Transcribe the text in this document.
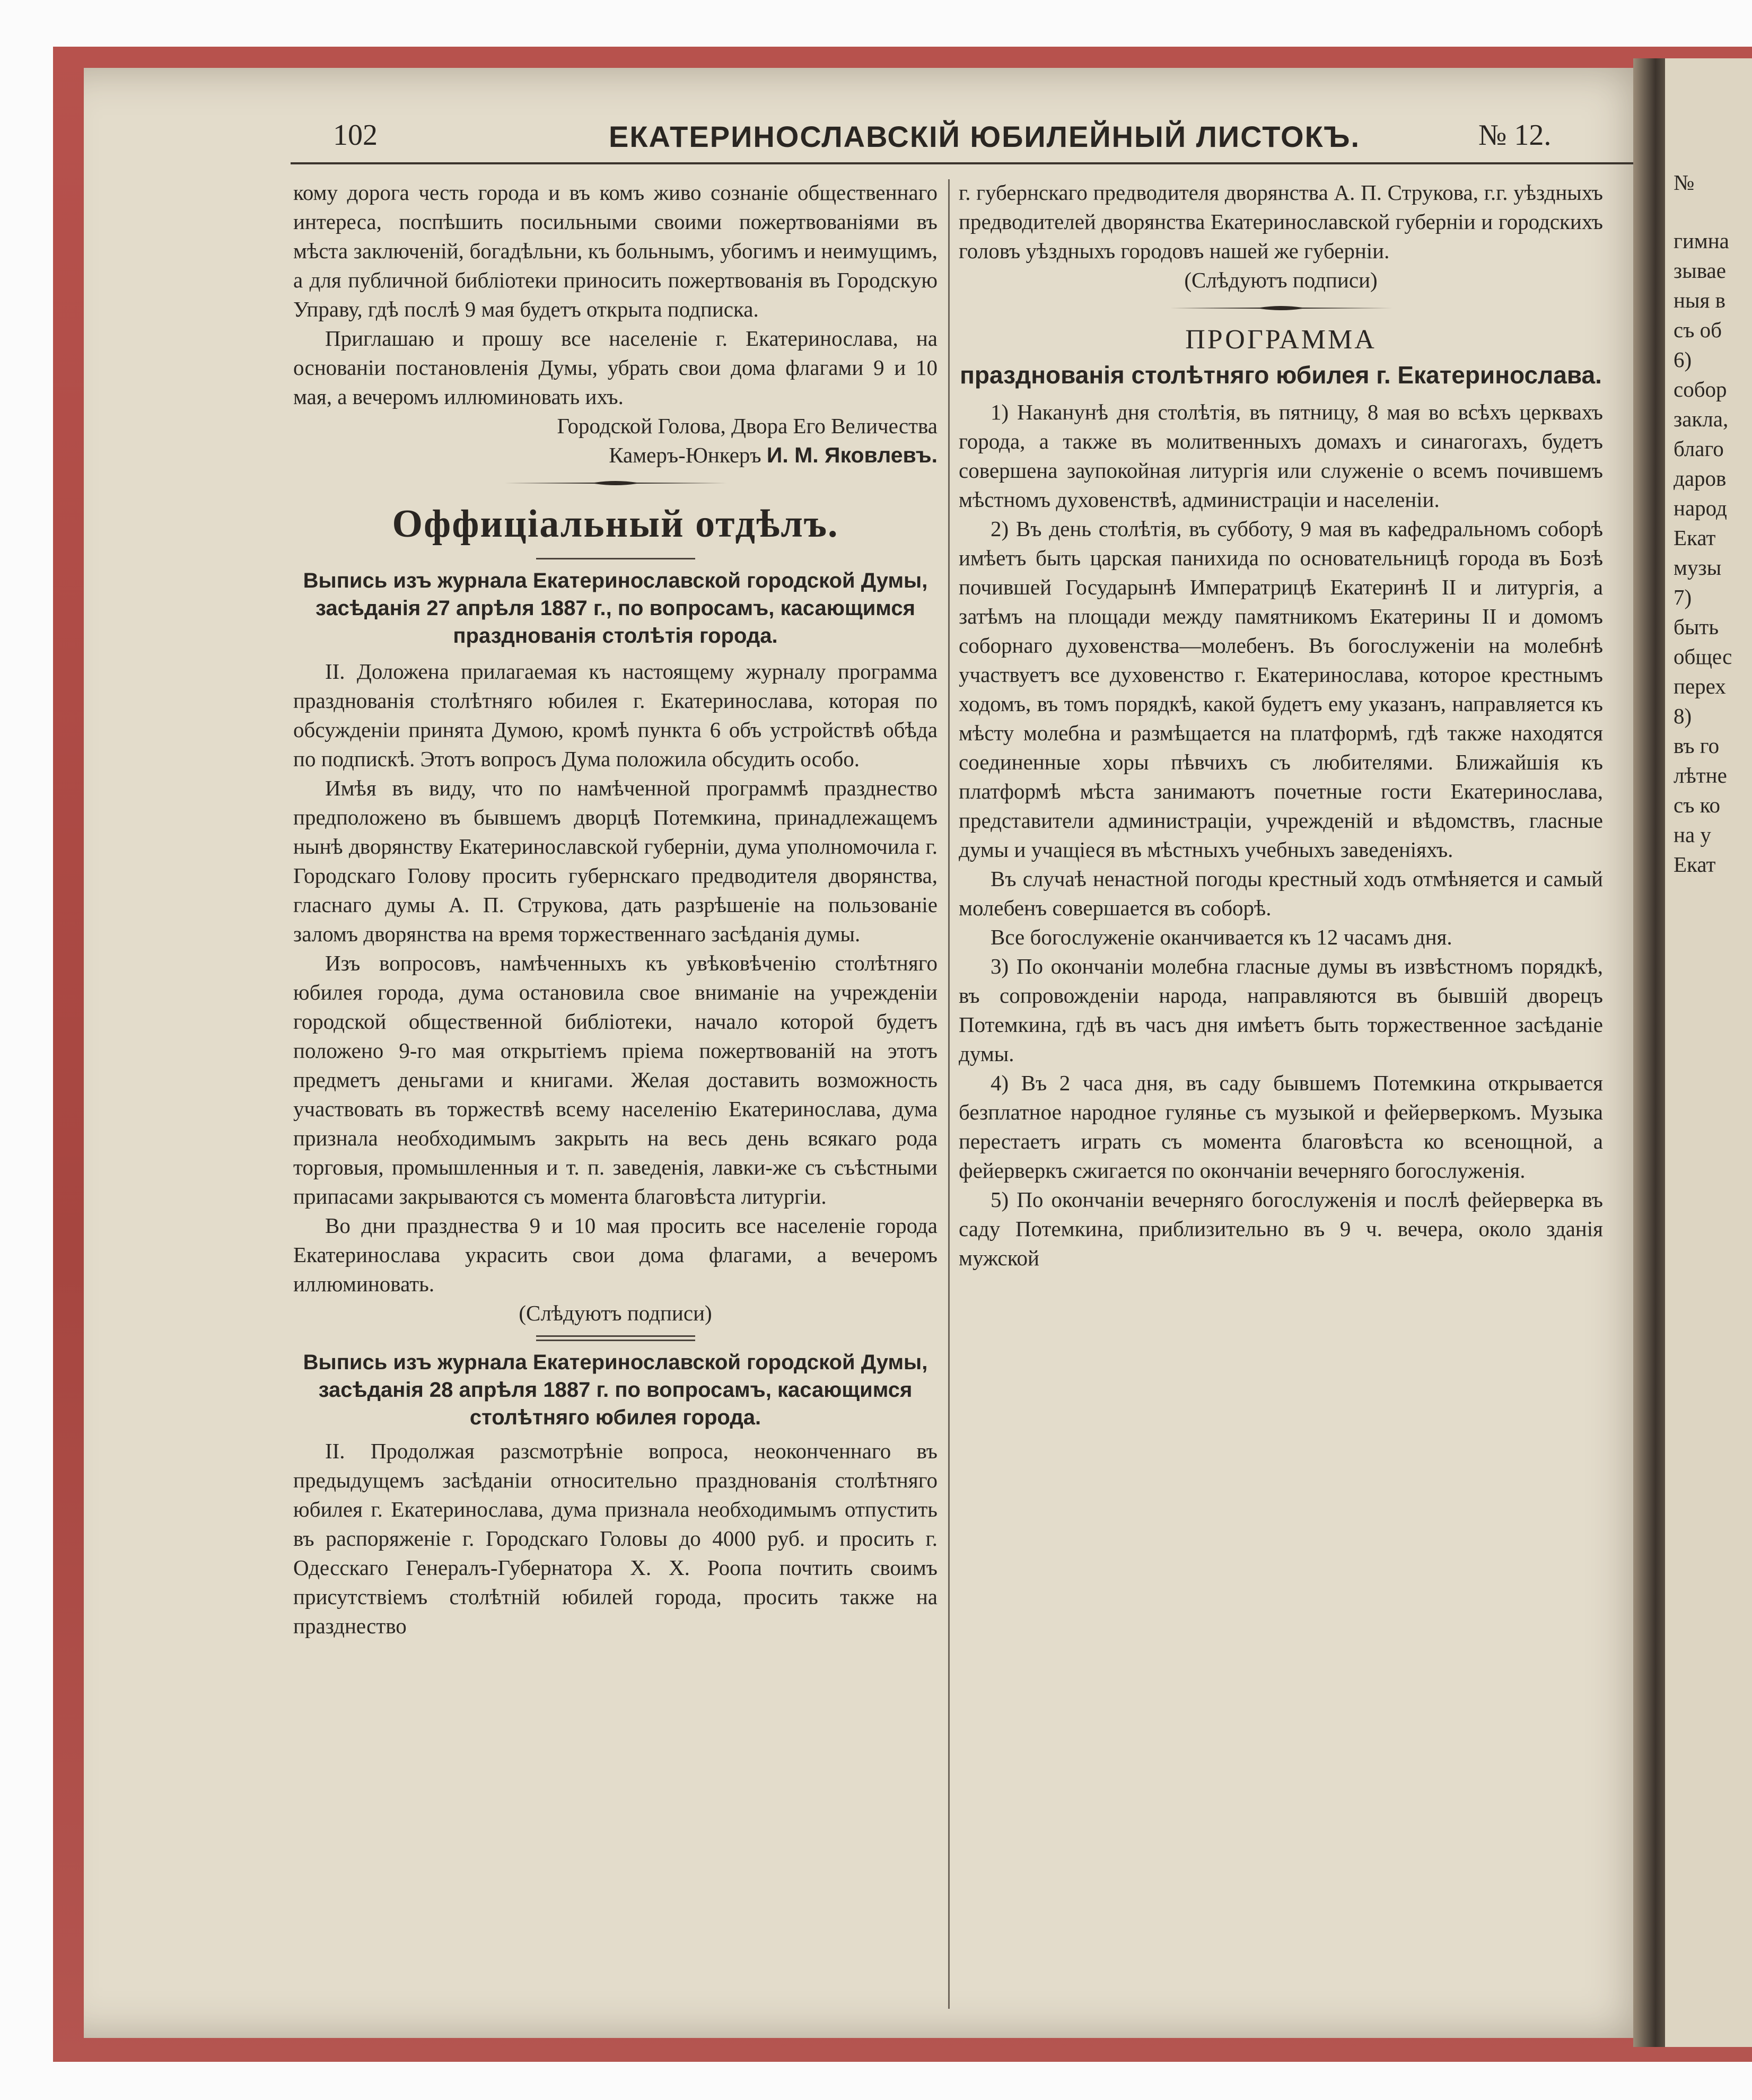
102	ЕКАТЕРИНОСЛАВСКІЙ ЮБИЛЕЙНЫЙ ЛИСТОКЪ.	№ 12.

кому дорога честь города и въ комъ живо сознаніе общественнаго интереса, поспѣшить посильными своими пожертвованіями въ мѣста заключеній, богадѣльни, къ больнымъ, убогимъ и неимущимъ, а для публичной библіотеки приносить пожертвованія въ Городскую Управу, гдѣ послѣ 9 мая будетъ открыта подписка.

Приглашаю и прошу все населеніе г. Екатеринослава, на основаніи постановленія Думы, убрать свои дома флагами 9 и 10 мая, а вечеромъ иллюминовать ихъ.

Городской Голова, Двора Его Величества

Камеръ-Юнкеръ И. М. Яковлевъ.

Оффиціальный отдѣлъ.

Выпись изъ журнала Екатеринославской городской Думы, засѣданія 27 апрѣля 1887 г., по вопросамъ, касающимся празднованія столѣтія города.

II. Доложена прилагаемая къ настоящему журналу программа празднованія столѣтняго юбилея г. Екатеринослава, которая по обсужденіи принята Думою, кромѣ пункта 6 объ устройствѣ обѣда по подпискѣ. Этотъ вопросъ Дума положила обсудить особо.

Имѣя въ виду, что по намѣченной программѣ празднество предположено въ бывшемъ дворцѣ Потемкина, принадлежащемъ нынѣ дворянству Екатеринославской губерніи, дума уполномочила г. Городскаго Голову просить губернскаго предводителя дворянства, гласнаго думы А. П. Струкова, дать разрѣшеніе на пользованіе заломъ дворянства на время торжественнаго засѣданія думы.

Изъ вопросовъ, намѣченныхъ къ увѣковѣченію столѣтняго юбилея города, дума остановила свое вниманіе на учрежденіи городской общественной библіотеки, начало которой будетъ положено 9-го мая открытіемъ пріема пожертвованій на этотъ предметъ деньгами и книгами. Желая доставить возможность участвовать въ торжествѣ всему населенію Екатеринослава, дума признала необходимымъ закрыть на весь день всякаго рода торговыя, промышленныя и т. п. заведенія, лавки-же съ съѣстными припасами закрываются съ момента благовѣста литургіи.

Во дни празднества 9 и 10 мая просить все населеніе города Екатеринослава украсить свои дома флагами, а вечеромъ иллюминовать.

(Слѣдуютъ подписи)

Выпись изъ журнала Екатеринославской городской Думы, засѣданія 28 апрѣля 1887 г. по вопросамъ, касающимся столѣтняго юбилея города.

II. Продолжая разсмотрѣніе вопроса, неоконченнаго въ предыдущемъ засѣданіи относительно празднованія столѣтняго юбилея г. Екатеринослава, дума признала необходимымъ отпустить въ распоряженіе г. Городскаго Головы до 4000 руб. и просить г. Одесскаго Генералъ-Губернатора Х. Х. Роопа почтить своимъ присутствіемъ столѣтній юбилей города, просить также на празднество

г. губернскаго предводителя дворянства А. П. Струкова, г.г. уѣздныхъ предводителей дворянства Екатеринославской губерніи и городскихъ головъ уѣздныхъ городовъ нашей же губерніи.

(Слѣдуютъ подписи)

ПРОГРАММА

празднованія столѣтняго юбилея г. Екатеринослава.

1) Наканунѣ дня столѣтія, въ пятницу, 8 мая во всѣхъ церквахъ города, а также въ молитвенныхъ домахъ и синагогахъ, будетъ совершена заупокойная литургія или служеніе о всемъ почившемъ мѣстномъ духовенствѣ, администраціи и населеніи.

2) Въ день столѣтія, въ субботу, 9 мая въ кафедральномъ соборѣ имѣетъ быть царская панихида по основательницѣ города въ Бозѣ почившей Государынѣ Императрицѣ Екатеринѣ II и литургія, а затѣмъ на площади между памятникомъ Екатерины II и домомъ соборнаго духовенства—молебенъ. Въ богослуженіи на молебнѣ участвуетъ все духовенство г. Екатеринослава, которое крестнымъ ходомъ, въ томъ порядкѣ, какой будетъ ему указанъ, направляется къ мѣсту молебна и размѣщается на платформѣ, гдѣ также находятся соединенные хоры пѣвчихъ съ любителями. Ближайшія къ платформѣ мѣста занимаютъ почетные гости Екатеринослава, представители администраціи, учрежденій и вѣдомствъ, гласные думы и учащіеся въ мѣстныхъ учебныхъ заведеніяхъ.

Въ случаѣ ненастной погоды крестный ходъ отмѣняется и самый молебенъ совершается въ соборѣ.

Все богослуженіе оканчивается къ 12 часамъ дня.

3) По окончаніи молебна гласные думы въ извѣстномъ порядкѣ, въ сопровожденіи народа, направляются въ бывшій дворецъ Потемкина, гдѣ въ часъ дня имѣетъ быть торжественное засѣданіе думы.

4) Въ 2 часа дня, въ саду бывшемъ Потемкина открывается безплатное народное гулянье съ музыкой и фейерверкомъ. Музыка перестаетъ играть съ момента благовѣста ко всенощной, а фейерверкъ сжигается по окончаніи вечерняго богослуженія.

5) По окончаніи вечерняго богослуженія и послѣ фейерверка въ саду Потемкина, приблизительно въ 9 ч. вечера, около зданія мужской

№
гимна
зывае
ныя в
съ об
6)
собор
закла,
благо
даров
народ
Екат
музы
7)
быть
общес
перех
8)
въ го
лѣтне
съ ко
на у
Екат
